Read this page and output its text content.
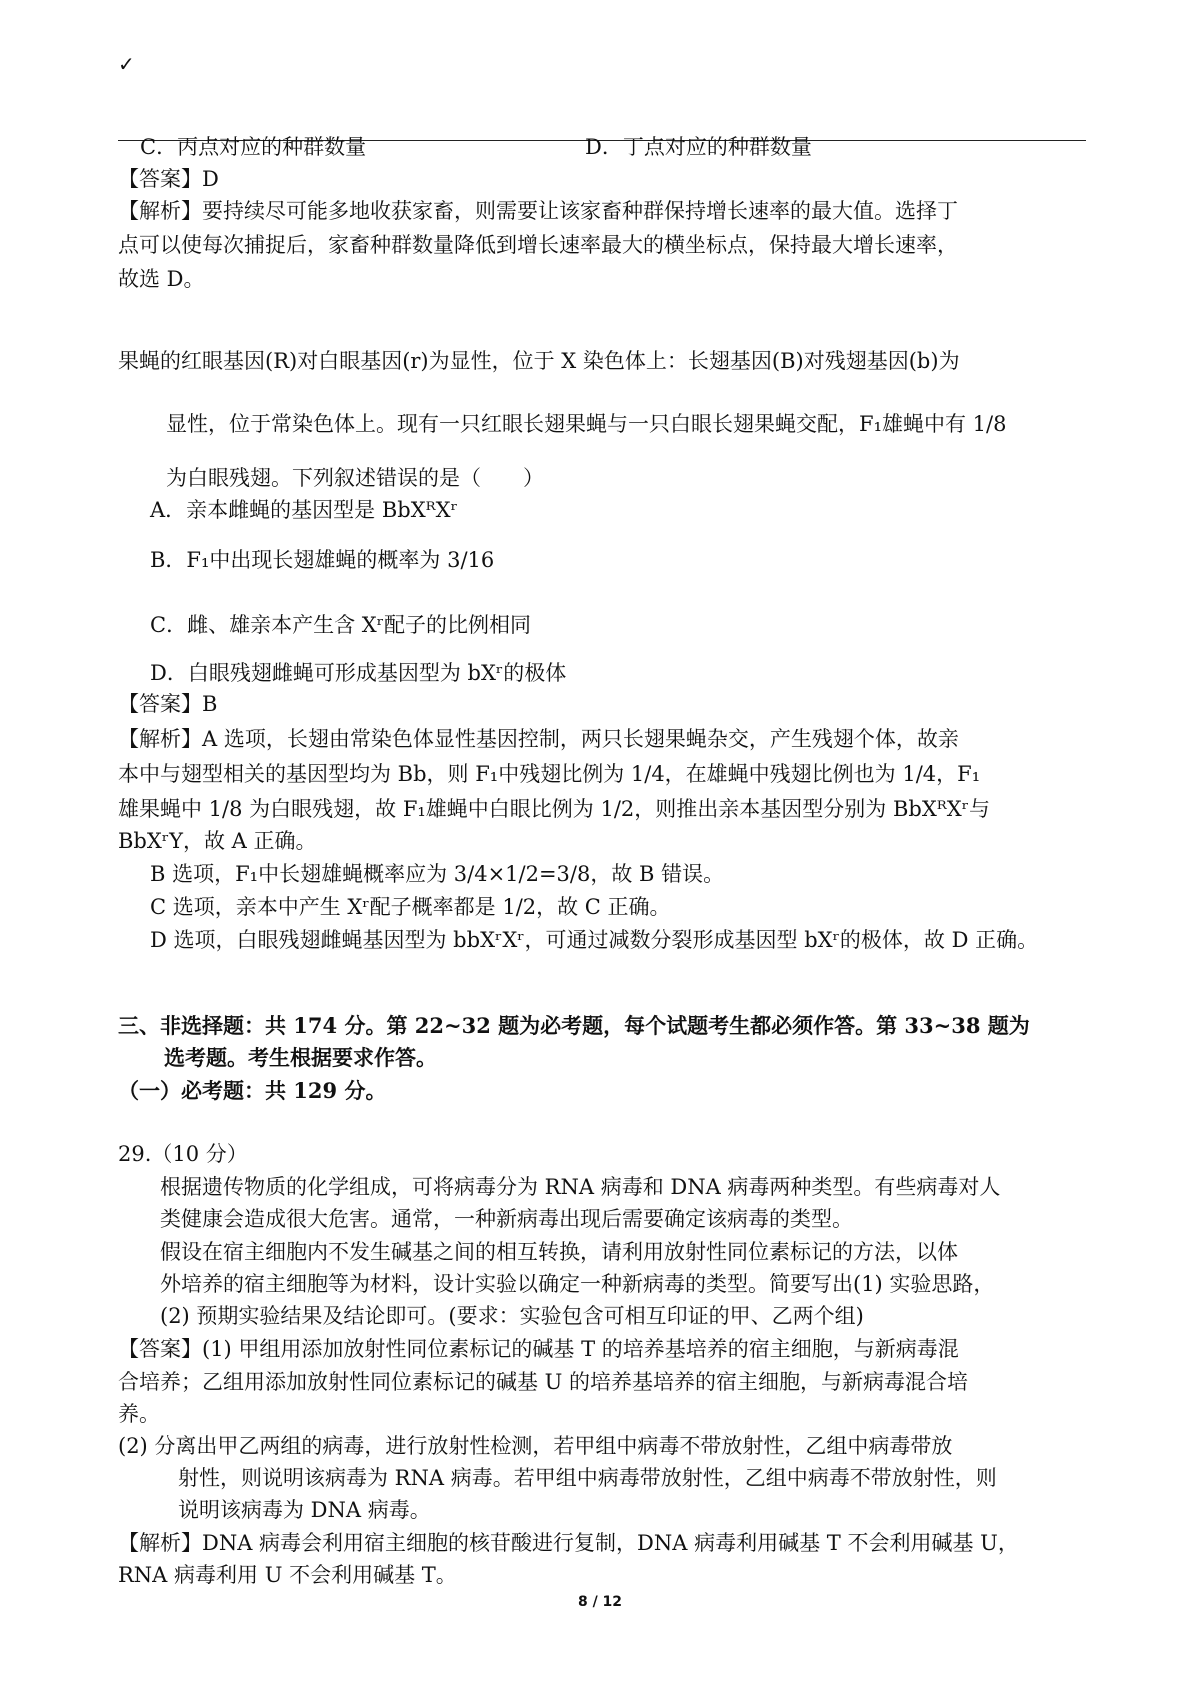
✓
C．丙点对应的种群数量	D．丁点对应的种群数量
【答案】D
【解析】要持续尽可能多地收获家畜，则需要让该家畜种群保持增长速率的最大值。选择丁
点可以使每次捕捉后，家畜种群数量降低到增长速率最大的横坐标点，保持最大增长速率，
故选 D。
果蝇的红眼基因(R)对白眼基因(r)为显性，位于 X 染色体上：长翅基因(B)对残翅基因(b)为
显性，位于常染色体上。现有一只红眼长翅果蝇与一只白眼长翅果蝇交配，F₁雄蝇中有 1/8
为白眼残翅。下列叙述错误的是（　　）
A．亲本雌蝇的基因型是 BbXᴿXʳ
B．F₁中出现长翅雄蝇的概率为 3/16
C．雌、雄亲本产生含 Xʳ配子的比例相同
D．白眼残翅雌蝇可形成基因型为 bXʳ的极体
【答案】B
【解析】A 选项，长翅由常染色体显性基因控制，两只长翅果蝇杂交，产生残翅个体，故亲
本中与翅型相关的基因型均为 Bb，则 F₁中残翅比例为 1/4，在雄蝇中残翅比例也为 1/4，F₁
雄果蝇中 1/8 为白眼残翅，故 F₁雄蝇中白眼比例为 1/2，则推出亲本基因型分别为 BbXᴿXʳ与
BbXʳY，故 A 正确。
B 选项，F₁中长翅雄蝇概率应为 3/4×1/2=3/8，故 B 错误。
C 选项，亲本中产生 Xʳ配子概率都是 1/2，故 C 正确。
D 选项，白眼残翅雌蝇基因型为 bbXʳXʳ，可通过减数分裂形成基因型 bXʳ的极体，故 D 正确。
三、非选择题：共 174 分。第 22~32 题为必考题，每个试题考生都必须作答。第 33~38 题为
选考题。考生根据要求作答。
（一）必考题：共 129 分。
29.（10 分）
根据遗传物质的化学组成，可将病毒分为 RNA 病毒和 DNA 病毒两种类型。有些病毒对人
类健康会造成很大危害。通常，一种新病毒出现后需要确定该病毒的类型。
假设在宿主细胞内不发生碱基之间的相互转换，请利用放射性同位素标记的方法，以体
外培养的宿主细胞等为材料，设计实验以确定一种新病毒的类型。简要写出(1) 实验思路，
(2) 预期实验结果及结论即可。(要求：实验包含可相互印证的甲、乙两个组)
【答案】(1) 甲组用添加放射性同位素标记的碱基 T 的培养基培养的宿主细胞，与新病毒混
合培养；乙组用添加放射性同位素标记的碱基 U 的培养基培养的宿主细胞，与新病毒混合培
养。
(2) 分离出甲乙两组的病毒，进行放射性检测，若甲组中病毒不带放射性，乙组中病毒带放
射性，则说明该病毒为 RNA 病毒。若甲组中病毒带放射性，乙组中病毒不带放射性，则
说明该病毒为 DNA 病毒。
【解析】DNA 病毒会利用宿主细胞的核苷酸进行复制，DNA 病毒利用碱基 T 不会利用碱基 U，
RNA 病毒利用 U 不会利用碱基 T。
8 / 12
